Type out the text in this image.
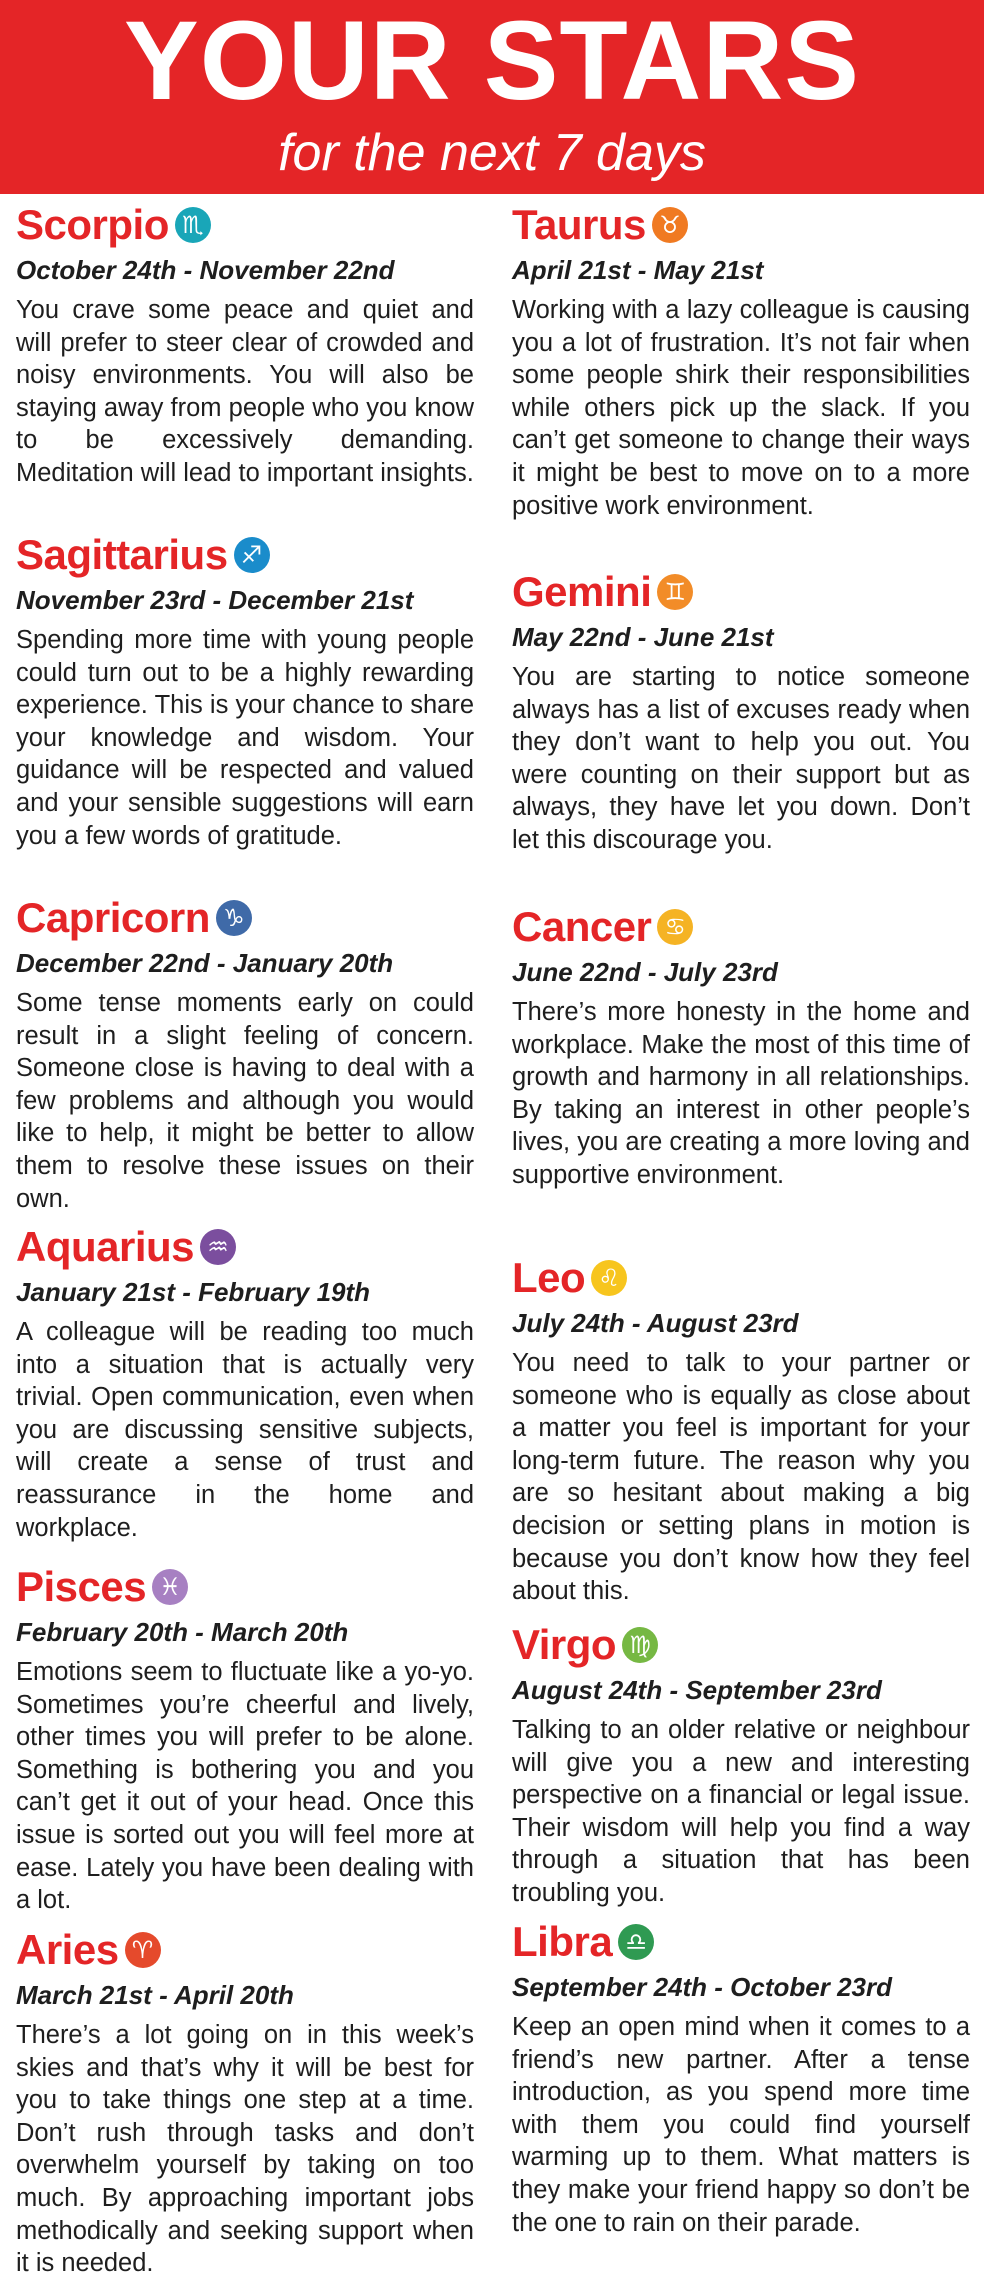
YOUR STARS
for the next 7 days
Scorpio ♏
October 24th - November 22nd
You crave some peace and quiet and will prefer to steer clear of crowded and noisy environments. You will also be staying away from people who you know to be excessively demanding. Meditation will lead to important insights.
Sagittarius ♐
November 23rd - December 21st
Spending more time with young people could turn out to be a highly rewarding experience. This is your chance to share your knowledge and wisdom. Your guidance will be respected and valued and your sensible suggestions will earn you a few words of gratitude.
Capricorn ♑
December 22nd - January 20th
Some tense moments early on could result in a slight feeling of concern. Someone close is having to deal with a few problems and although you would like to help, it might be better to allow them to resolve these issues on their own.
Aquarius ♒
January 21st - February 19th
A colleague will be reading too much into a situation that is actually very trivial. Open communication, even when you are discussing sensitive subjects, will create a sense of trust and reassurance in the home and workplace.
Pisces ♓
February 20th - March 20th
Emotions seem to fluctuate like a yo-yo. Sometimes you’re cheerful and lively, other times you will prefer to be alone. Something is bothering you and you can’t get it out of your head. Once this issue is sorted out you will feel more at ease. Lately you have been dealing with a lot.
Aries ♈
March 21st - April 20th
There’s a lot going on in this week’s skies and that’s why it will be best for you to take things one step at a time. Don’t rush through tasks and don’t overwhelm yourself by taking on too much. By approaching important jobs methodically and seeking support when it is needed.
Taurus ♉
April 21st - May 21st
Working with a lazy colleague is causing you a lot of frustration. It’s not fair when some people shirk their responsibilities while others pick up the slack. If you can’t get someone to change their ways it might be best to move on to a more positive work environment.
Gemini ♊
May 22nd - June 21st
You are starting to notice someone always has a list of excuses ready when they don’t want to help you out. You were counting on their support but as always, they have let you down. Don’t let this discourage you.
Cancer ♋
June 22nd - July 23rd
There’s more honesty in the home and workplace. Make the most of this time of growth and harmony in all relationships. By taking an interest in other people’s lives, you are creating a more loving and supportive environment.
Leo ♌
July 24th - August 23rd
You need to talk to your partner or someone who is equally as close about a matter you feel is important for your long-term future. The reason why you are so hesitant about making a big decision or setting plans in motion is because you don’t know how they feel about this.
Virgo ♍
August 24th - September 23rd
Talking to an older relative or neighbour will give you a new and interesting perspective on a financial or legal issue. Their wisdom will help you find a way through a situation that has been troubling you.
Libra ♎
September 24th - October 23rd
Keep an open mind when it comes to a friend’s new partner. After a tense introduction, as you spend more time with them you could find yourself warming up to them. What matters is they make your friend happy so don’t be the one to rain on their parade.
